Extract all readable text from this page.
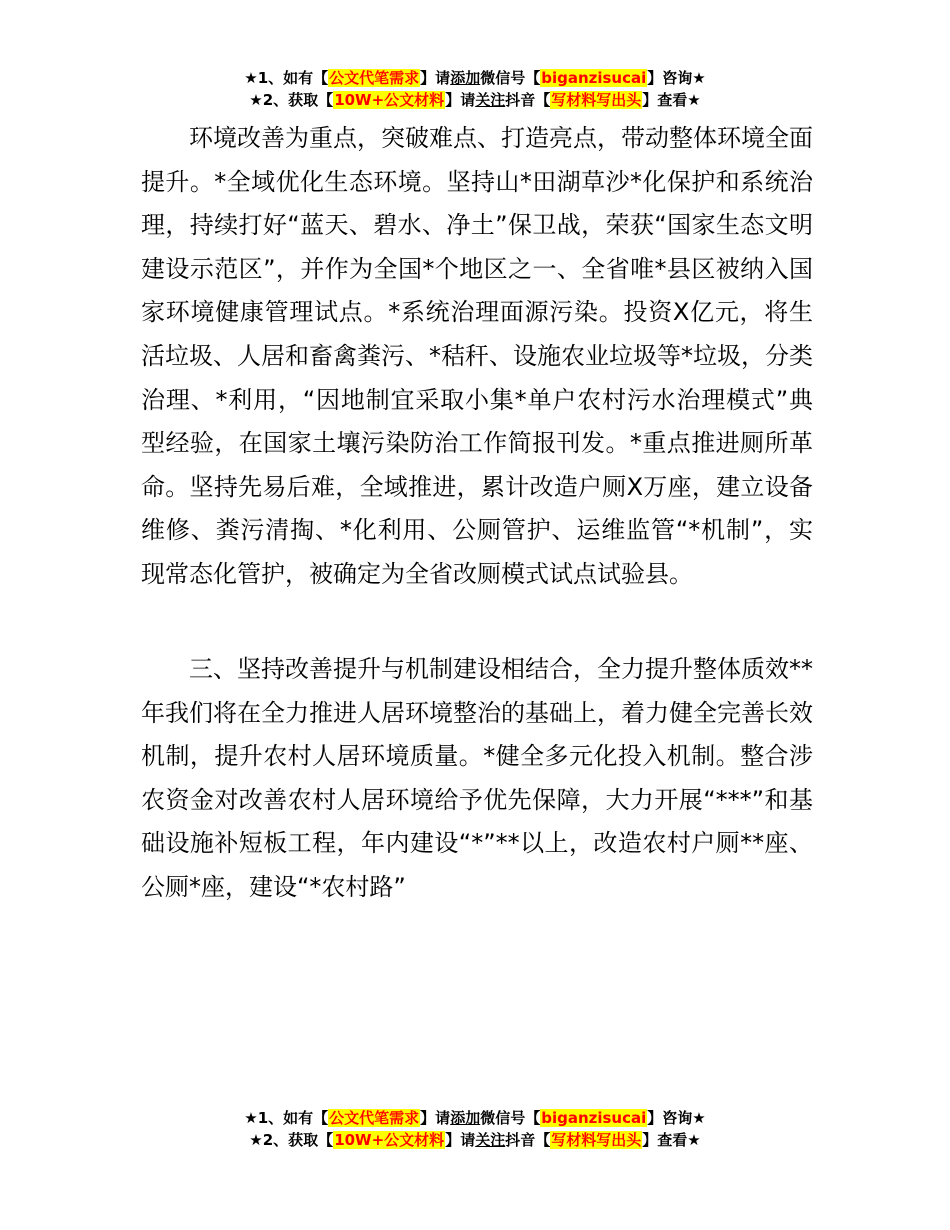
★1、如有【公文代笔需求】请添加微信号【biganzisucai】咨询★
★2、获取【10W+公文材料】请关注抖音【写材料写出头】查看★

环境改善为重点，突破难点、打造亮点，带动整体环境全面提升。*全域优化生态环境。坚持山*田湖草沙*化保护和系统治理，持续打好“蓝天、碧水、净土”保卫战，荣获“国家生态文明建设示范区”，并作为全国*个地区之一、全省唯*县区被纳入国家环境健康管理试点。*系统治理面源污染。投资X亿元，将生活垃圾、人居和畜禽粪污、*秸秆、设施农业垃圾等*垃圾，分类治理、*利用，“因地制宜采取小集*单户农村污水治理模式”典型经验，在国家土壤污染防治工作简报刊发。*重点推进厕所革命。坚持先易后难，全域推进，累计改造户厕X万座，建立设备维修、粪污清掏、*化利用、公厕管护、运维监管“*机制”，实现常态化管护，被确定为全省改厕模式试点试验县。

三、坚持改善提升与机制建设相结合，全力提升整体质效**年我们将在全力推进人居环境整治的基础上，着力健全完善长效机制，提升农村人居环境质量。*健全多元化投入机制。整合涉农资金对改善农村人居环境给予优先保障，大力开展“***”和基础设施补短板工程，年内建设“*”**以上，改造农村户厕**座、公厕*座，建设“*农村路”

★1、如有【公文代笔需求】请添加微信号【biganzisucai】咨询★
★2、获取【10W+公文材料】请关注抖音【写材料写出头】查看★
